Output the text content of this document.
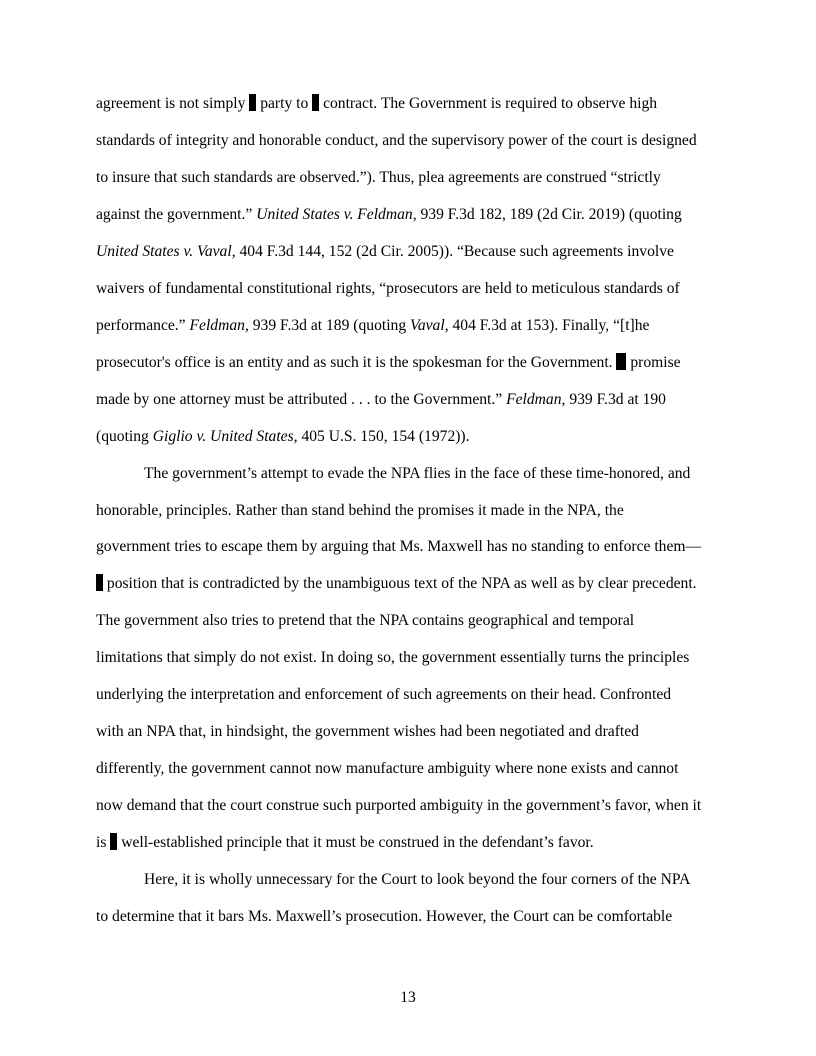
agreement is not simply  party to  contract. The Government is required to observe high
standards of integrity and honorable conduct, and the supervisory power of the court is designed
to insure that such standards are observed.”). Thus, plea agreements are construed “strictly
against the government.” United States v. Feldman, 939 F.3d 182, 189 (2d Cir. 2019) (quoting
United States v. Vaval, 404 F.3d 144, 152 (2d Cir. 2005)). “Because such agreements involve
waivers of fundamental constitutional rights, “prosecutors are held to meticulous standards of
performance.” Feldman, 939 F.3d at 189 (quoting Vaval, 404 F.3d at 153). Finally, “[t]he
prosecutor's office is an entity and as such it is the spokesman for the Government.  promise
made by one attorney must be attributed . . . to the Government.” Feldman, 939 F.3d at 190
(quoting Giglio v. United States, 405 U.S. 150, 154 (1972)).
The government’s attempt to evade the NPA flies in the face of these time-honored, and
honorable, principles. Rather than stand behind the promises it made in the NPA, the
government tries to escape them by arguing that Ms. Maxwell has no standing to enforce them—
position that is contradicted by the unambiguous text of the NPA as well as by clear precedent.
The government also tries to pretend that the NPA contains geographical and temporal
limitations that simply do not exist. In doing so, the government essentially turns the principles
underlying the interpretation and enforcement of such agreements on their head. Confronted
with an NPA that, in hindsight, the government wishes had been negotiated and drafted
differently, the government cannot now manufacture ambiguity where none exists and cannot
now demand that the court construe such purported ambiguity in the government’s favor, when it
is  well-established principle that it must be construed in the defendant’s favor.
Here, it is wholly unnecessary for the Court to look beyond the four corners of the NPA
to determine that it bars Ms. Maxwell’s prosecution. However, the Court can be comfortable
13
